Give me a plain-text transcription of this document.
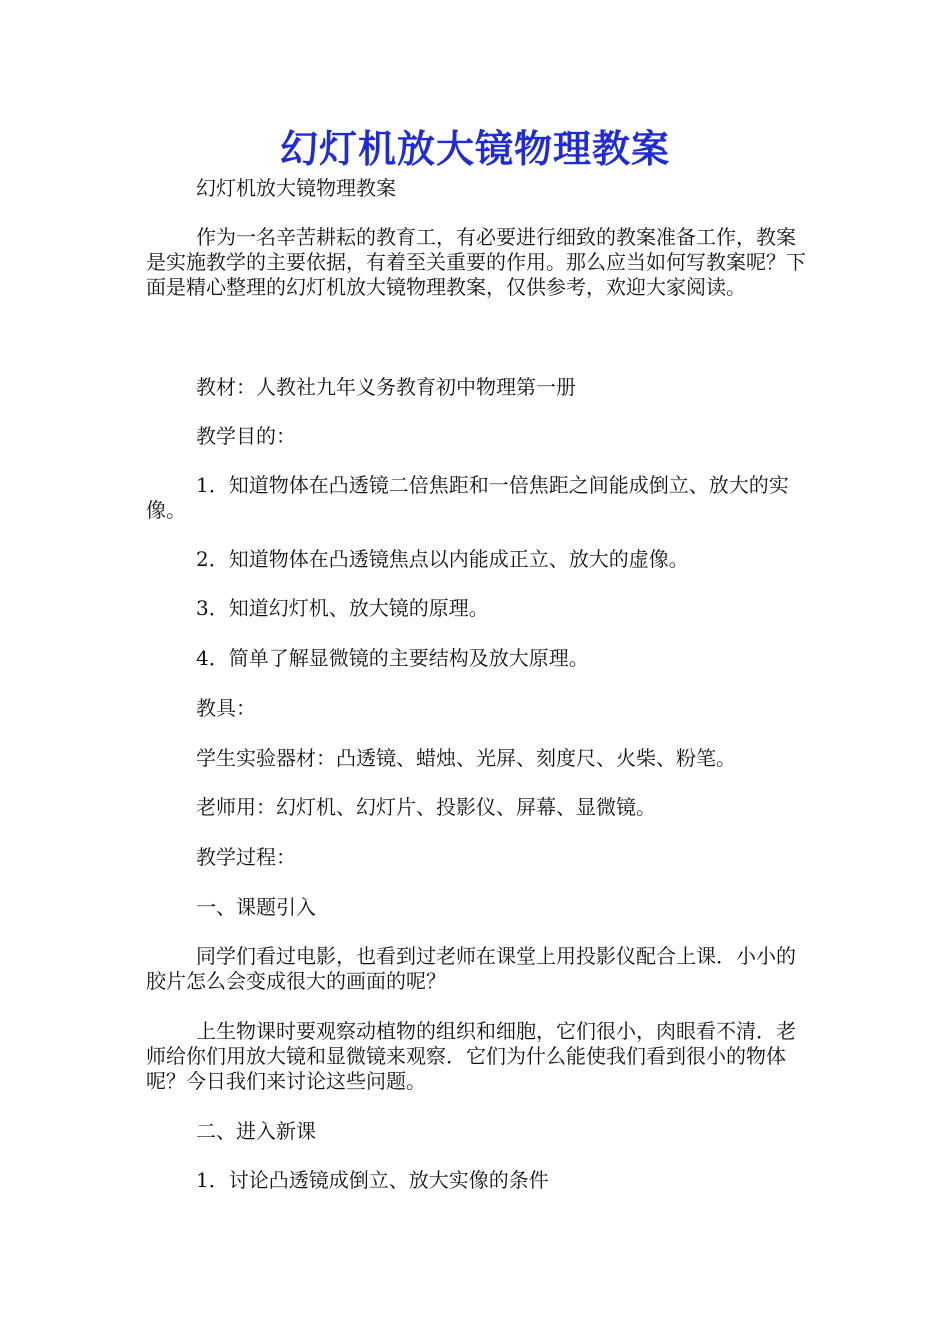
幻灯机放大镜物理教案
幻灯机放大镜物理教案

作为一名辛苦耕耘的教育工，有必要进行细致的教案准备工作，教案是实施教学的主要依据，有着至关重要的作用。那么应当如何写教案呢？下面是精心整理的幻灯机放大镜物理教案，仅供参考，欢迎大家阅读。

教材：人教社九年义务教育初中物理第一册

教学目的：

1．知道物体在凸透镜二倍焦距和一倍焦距之间能成倒立、放大的实像。

2．知道物体在凸透镜焦点以内能成正立、放大的虚像。

3．知道幻灯机、放大镜的原理。

4．简单了解显微镜的主要结构及放大原理。

教具：

学生实验器材：凸透镜、蜡烛、光屏、刻度尺、火柴、粉笔。

老师用：幻灯机、幻灯片、投影仪、屏幕、显微镜。

教学过程：

一、课题引入

同学们看过电影，也看到过老师在课堂上用投影仪配合上课．小小的胶片怎么会变成很大的画面的呢？

上生物课时要观察动植物的组织和细胞，它们很小，肉眼看不清．老师给你们用放大镜和显微镜来观察．它们为什么能使我们看到很小的物体呢？今日我们来讨论这些问题。

二、进入新课

1．讨论凸透镜成倒立、放大实像的条件
